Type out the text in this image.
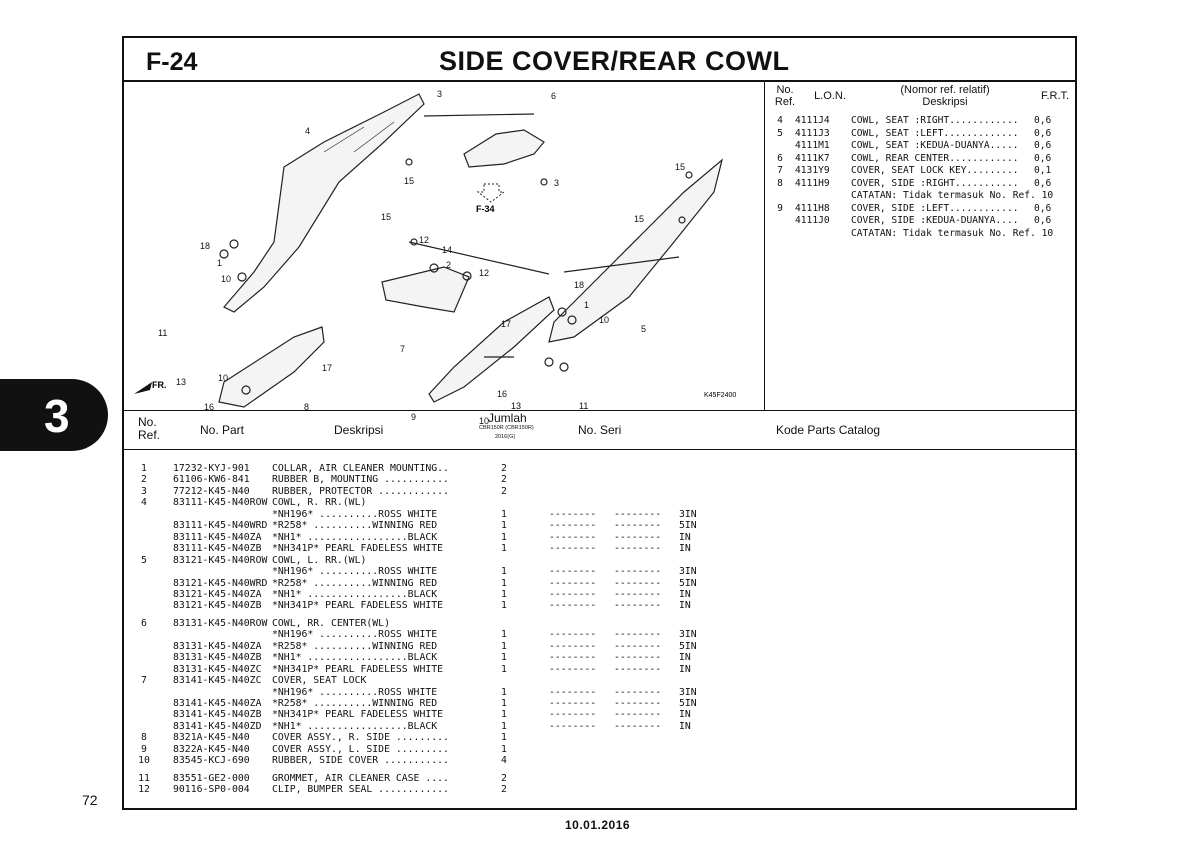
3
72
10.01.2016
F-24	SIDE COVER/REAR COWL
F-34
FR.
K45F2400
3	6
4
15
15
15
3
18
12
14
2
1
10
12
18
1
10
5
11
17
7
17
13	10
16	8
9
16
13
10
11
15
No.
Ref.	L.O.N.	(Nomor ref. relatif)
Deskripsi	F.R.T.
4	4111J4	COWL, SEAT :RIGHT............	0,6
5	4111J3	COWL, SEAT :LEFT.............	0,6
4111M1	COWL, SEAT :KEDUA-DUANYA.....	0,6
6	4111K7	COWL, REAR CENTER............	0,6
7	4131Y9	COVER, SEAT LOCK KEY.........	0,1
8	4111H9	COVER, SIDE :RIGHT...........	0,6
CATATAN: Tidak termasuk No. Ref. 10
9	4111H8	COVER, SIDE :LEFT............	0,6
4111J0	COVER, SIDE :KEDUA-DUANYA....	0,6
CATATAN: Tidak termasuk No. Ref. 10
No.
Ref.	No. Part	Deskripsi
Jumlah
CBR150R (CBR150R)
2016(G)	No. Seri	Kode Parts Catalog
1	17232-KYJ-901 COLLAR, AIR CLEANER MOUNTING..	2
2	61106-KW6-841 RUBBER B, MOUNTING ...........	2
3	77212-K45-N40 RUBBER, PROTECTOR ............	2
4	83111-K45-N40ROW COWL, R. RR.(WL)
*NH196* ..........ROSS WHITE	1	-------- -------- 3IN
83111-K45-N40WRD *R258* ..........WINNING RED	1	-------- -------- 5IN
83111-K45-N40ZA *NH1* .................BLACK	1	-------- -------- IN
83111-K45-N40ZB *NH341P* PEARL FADELESS WHITE	1	-------- -------- IN
5	83121-K45-N40ROW COWL, L. RR.(WL)
*NH196* ..........ROSS WHITE	1	-------- -------- 3IN
83121-K45-N40WRD *R258* ..........WINNING RED	1	-------- -------- 5IN
83121-K45-N40ZA *NH1* .................BLACK	1	-------- -------- IN
83121-K45-N40ZB *NH341P* PEARL FADELESS WHITE	1	-------- -------- IN
6	83131-K45-N40ROW COWL, RR. CENTER(WL)
*NH196* ..........ROSS WHITE	1	-------- -------- 3IN
83131-K45-N40ZA *R258* ..........WINNING RED	1	-------- -------- 5IN
83131-K45-N40ZB *NH1* .................BLACK	1	-------- -------- IN
83131-K45-N40ZC *NH341P* PEARL FADELESS WHITE	1	-------- -------- IN
7	83141-K45-N40ZC COVER, SEAT LOCK
*NH196* ..........ROSS WHITE	1	-------- -------- 3IN
83141-K45-N40ZA *R258* ..........WINNING RED	1	-------- -------- 5IN
83141-K45-N40ZB *NH341P* PEARL FADELESS WHITE	1	-------- -------- IN
83141-K45-N40ZD *NH1* .................BLACK	1	-------- -------- IN
8	8321A-K45-N40 COVER ASSY., R. SIDE .........	1
9	8322A-K45-N40 COVER ASSY., L. SIDE .........	1
10	83545-KCJ-690 RUBBER, SIDE COVER ...........	4
11	83551-GE2-000 GROMMET, AIR CLEANER CASE ....	2
12	90116-SP0-004 CLIP, BUMPER SEAL ............	2
